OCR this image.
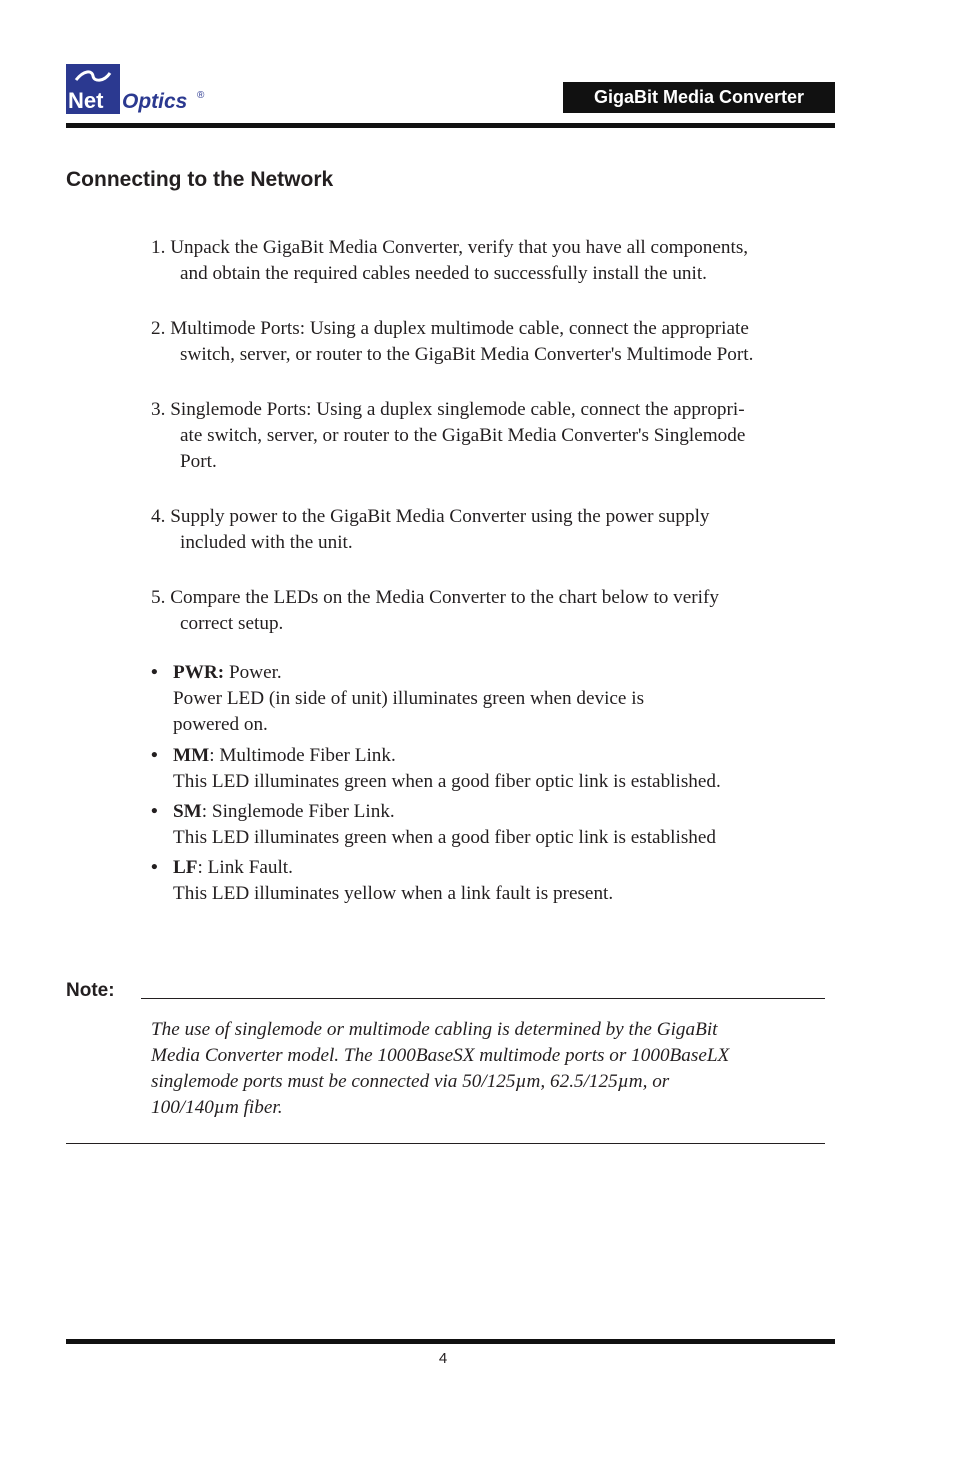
Net Optics ®	GigaBit Media Converter
Connecting to the Network
1. Unpack the GigaBit Media Converter, verify that you have all components,
and obtain the required cables needed to successfully install the unit.
2. Multimode Ports: Using a duplex multimode cable, connect the appropriate
switch, server, or router to the GigaBit Media Converter's Multimode Port.
3. Singlemode Ports: Using a duplex singlemode cable, connect the appropri-
ate switch, server, or router to the GigaBit Media Converter's Singlemode
Port.
4. Supply power to the GigaBit Media Converter using the power supply
included with the unit.
5. Compare the LEDs on the Media Converter to the chart below to verify
correct setup.
• PWR: Power.
Power LED (in side of unit) illuminates green when device is
powered on.
• MM: Multimode Fiber Link.
This LED illuminates green when a good fiber optic link is established.
• SM: Singlemode Fiber Link.
This LED illuminates green when a good fiber optic link is established
• LF: Link Fault.
This LED illuminates yellow when a link fault is present.
Note:
The use of singlemode or multimode cabling is determined by the GigaBit
Media Converter model. The 1000BaseSX multimode ports or 1000BaseLX
singlemode ports must be connected via 50/125µm, 62.5/125µm, or
100/140µm fiber.
4
